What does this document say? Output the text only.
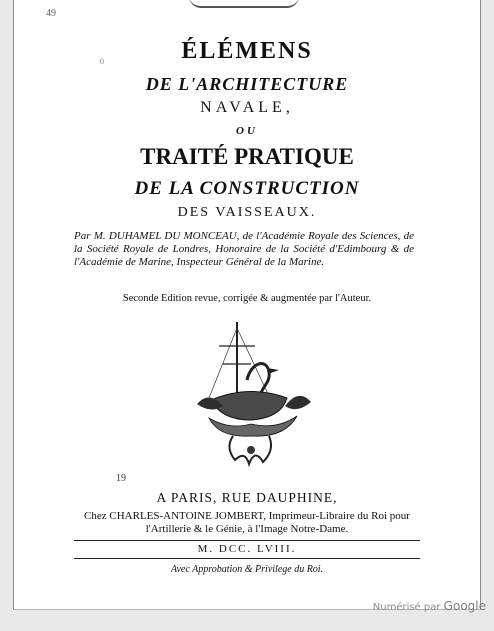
49
0	ÉLÉMENS
DE L'ARCHITECTURE
NAVALE,
OU
TRAITÉ PRATIQUE
DE LA CONSTRUCTION
DES VAISSEAUX.
Par M. DUHAMEL DU MONCEAU, de l'Académie Royale des Sciences, de la Société Royale de Londres, Honoraire de la Société d'Edimbourg & de l'Académie de Marine, Inspecteur Général de la Marine.
Seconde Edition revue, corrigée & augmentée par l'Auteur.
19
A PARIS, RUE DAUPHINE,
Chez CHARLES-ANTOINE JOMBERT, Imprimeur-Libraire du Roi pour
l'Artillerie & le Génie, à l'Image Notre-Dame.
M. DCC. LVIII.
Avec Approbation & Privilege du Roi.
Numérisé par Google
